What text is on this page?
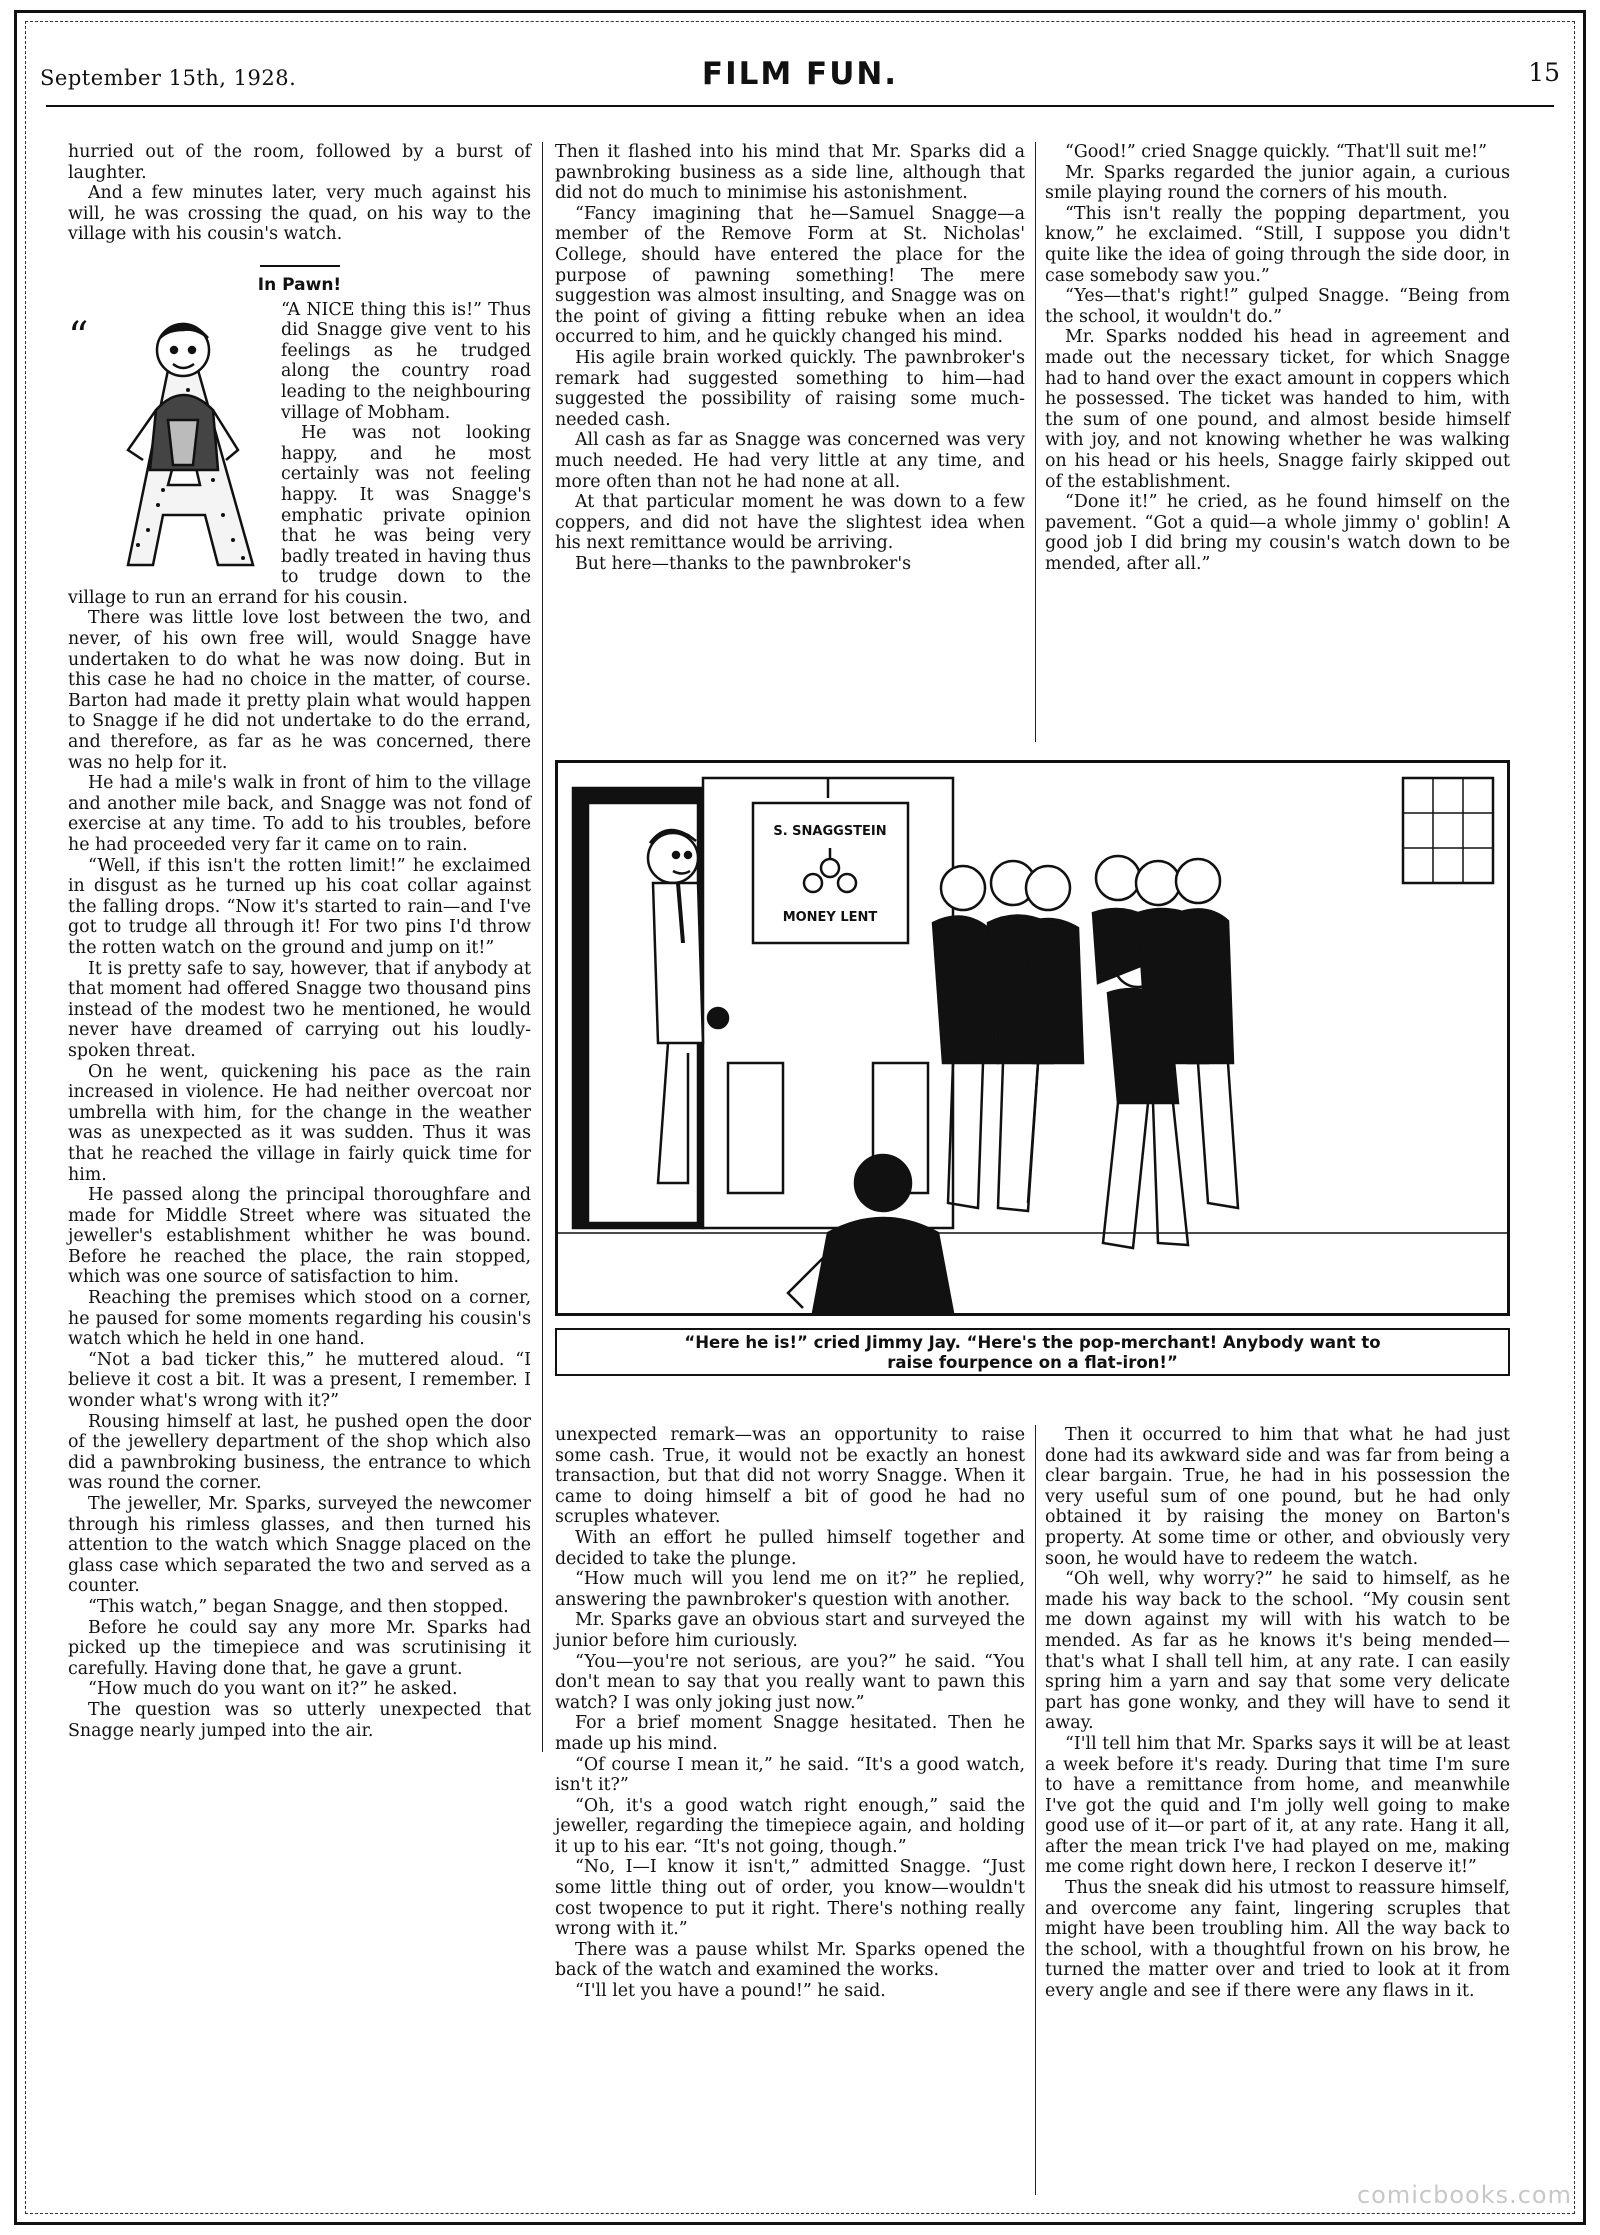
September 15th, 1928.	FILM FUN.	15

hurried out of the room, followed by a burst of laughter.

And a few minutes later, very much against his will, he was crossing the quad, on his way to the village with his cousin's watch.

In Pawn!
“

“A NICE thing this is!” Thus did Snagge give vent to his feelings as he trudged along the country road leading to the neighbouring village of Mobham.

He was not looking happy, and he most certainly was not feeling happy. It was Snagge's emphatic private opinion that he was being very badly treated in having thus to trudge down to the village to run an errand for his cousin.

There was little love lost between the two, and never, of his own free will, would Snagge have undertaken to do what he was now doing. But in this case he had no choice in the matter, of course. Barton had made it pretty plain what would happen to Snagge if he did not undertake to do the errand, and therefore, as far as he was concerned, there was no help for it.

He had a mile's walk in front of him to the village and another mile back, and Snagge was not fond of exercise at any time. To add to his troubles, before he had proceeded very far it came on to rain.

“Well, if this isn't the rotten limit!” he exclaimed in disgust as he turned up his coat collar against the falling drops. “Now it's started to rain—and I've got to trudge all through it! For two pins I'd throw the rotten watch on the ground and jump on it!”

It is pretty safe to say, however, that if anybody at that moment had offered Snagge two thousand pins instead of the modest two he mentioned, he would never have dreamed of carrying out his loudly-spoken threat.

On he went, quickening his pace as the rain increased in violence. He had neither overcoat nor umbrella with him, for the change in the weather was as unexpected as it was sudden. Thus it was that he reached the village in fairly quick time for him.

He passed along the principal thoroughfare and made for Middle Street where was situated the jeweller's establishment whither he was bound. Before he reached the place, the rain stopped, which was one source of satisfaction to him.

Reaching the premises which stood on a corner, he paused for some moments regarding his cousin's watch which he held in one hand.

“Not a bad ticker this,” he muttered aloud. “I believe it cost a bit. It was a present, I remember. I wonder what's wrong with it?”

Rousing himself at last, he pushed open the door of the jewellery department of the shop which also did a pawnbroking business, the entrance to which was round the corner.

The jeweller, Mr. Sparks, surveyed the newcomer through his rimless glasses, and then turned his attention to the watch which Snagge placed on the glass case which separated the two and served as a counter.

“This watch,” began Snagge, and then stopped.

Before he could say any more Mr. Sparks had picked up the timepiece and was scrutinising it carefully. Having done that, he gave a grunt.

“How much do you want on it?” he asked.

The question was so utterly unexpected that Snagge nearly jumped into the air.

Then it flashed into his mind that Mr. Sparks did a pawnbroking business as a side line, although that did not do much to minimise his astonishment.

“Fancy imagining that he—Samuel Snagge—a member of the Remove Form at St. Nicholas' College, should have entered the place for the purpose of pawning something! The mere suggestion was almost insulting, and Snagge was on the point of giving a fitting rebuke when an idea occurred to him, and he quickly changed his mind.

His agile brain worked quickly. The pawnbroker's remark had suggested something to him—had suggested the possibility of raising some much-needed cash.

All cash as far as Snagge was concerned was very much needed. He had very little at any time, and more often than not he had none at all.

At that particular moment he was down to a few coppers, and did not have the slightest idea when his next remittance would be arriving.

But here—thanks to the pawnbroker's

“Good!” cried Snagge quickly. “That'll suit me!”

Mr. Sparks regarded the junior again, a curious smile playing round the corners of his mouth.

“This isn't really the popping department, you know,” he exclaimed. “Still, I suppose you didn't quite like the idea of going through the side door, in case somebody saw you.”

“Yes—that's right!” gulped Snagge. “Being from the school, it wouldn't do.”

Mr. Sparks nodded his head in agreement and made out the necessary ticket, for which Snagge had to hand over the exact amount in coppers which he possessed. The ticket was handed to him, with the sum of one pound, and almost beside himself with joy, and not knowing whether he was walking on his head or his heels, Snagge fairly skipped out of the establishment.

“Done it!” he cried, as he found himself on the pavement. “Got a quid—a whole jimmy o' goblin! A good job I did bring my cousin's watch down to be mended, after all.”

S. SNAGGSTEIN
MONEY LENT
“Here he is!” cried Jimmy Jay. “Here's the pop-merchant! Anybody want to
raise fourpence on a flat-iron!”

unexpected remark—was an opportunity to raise some cash. True, it would not be exactly an honest transaction, but that did not worry Snagge. When it came to doing himself a bit of good he had no scruples whatever.

With an effort he pulled himself together and decided to take the plunge.

“How much will you lend me on it?” he replied, answering the pawnbroker's question with another.

Mr. Sparks gave an obvious start and surveyed the junior before him curiously.

“You—you're not serious, are you?” he said. “You don't mean to say that you really want to pawn this watch? I was only joking just now.”

For a brief moment Snagge hesitated. Then he made up his mind.

“Of course I mean it,” he said. “It's a good watch, isn't it?”

“Oh, it's a good watch right enough,” said the jeweller, regarding the timepiece again, and holding it up to his ear. “It's not going, though.”

“No, I—I know it isn't,” admitted Snagge. “Just some little thing out of order, you know—wouldn't cost twopence to put it right. There's nothing really wrong with it.”

There was a pause whilst Mr. Sparks opened the back of the watch and examined the works.

“I'll let you have a pound!” he said.

Then it occurred to him that what he had just done had its awkward side and was far from being a clear bargain. True, he had in his possession the very useful sum of one pound, but he had only obtained it by raising the money on Barton's property. At some time or other, and obviously very soon, he would have to redeem the watch.

“Oh well, why worry?” he said to himself, as he made his way back to the school. “My cousin sent me down against my will with his watch to be mended. As far as he knows it's being mended—that's what I shall tell him, at any rate. I can easily spring him a yarn and say that some very delicate part has gone wonky, and they will have to send it away.

“I'll tell him that Mr. Sparks says it will be at least a week before it's ready. During that time I'm sure to have a remittance from home, and meanwhile I've got the quid and I'm jolly well going to make good use of it—or part of it, at any rate. Hang it all, after the mean trick I've had played on me, making me come right down here, I reckon I deserve it!”

Thus the sneak did his utmost to reassure himself, and overcome any faint, lingering scruples that might have been troubling him. All the way back to the school, with a thoughtful frown on his brow, he turned the matter over and tried to look at it from every angle and see if there were any flaws in it.

comicbooks.com
